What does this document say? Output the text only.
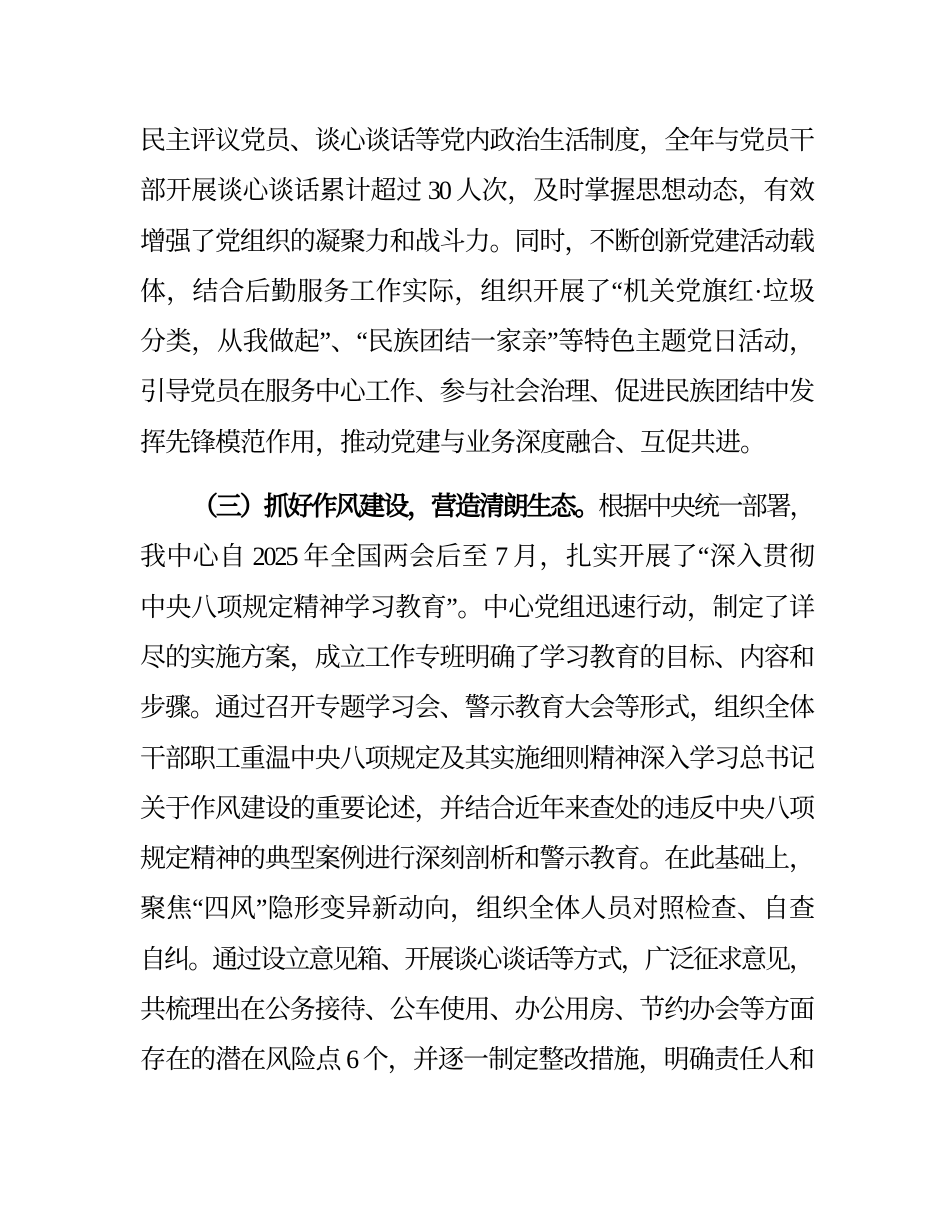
民主评议党员、谈心谈话等党内政治生活制度，全年与党员干
部开展谈心谈话累计超过 30 人次，及时掌握思想动态，有效
增强了党组织的凝聚力和战斗力。同时，不断创新党建活动载
体，结合后勤服务工作实际，组织开展了“机关党旗红·垃圾
分类，从我做起”、“民族团结一家亲”等特色主题党日活动，
引导党员在服务中心工作、参与社会治理、促进民族团结中发
挥先锋模范作用，推动党建与业务深度融合、互促共进。
（三）抓好作风建设，营造清朗生态。根据中央统一部署，
我中心自 2025 年全国两会后至 7 月，扎实开展了“深入贯彻
中央八项规定精神学习教育”。中心党组迅速行动，制定了详
尽的实施方案，成立工作专班明确了学习教育的目标、内容和
步骤。通过召开专题学习会、警示教育大会等形式，组织全体
干部职工重温中央八项规定及其实施细则精神深入学习总书记
关于作风建设的重要论述，并结合近年来查处的违反中央八项
规定精神的典型案例进行深刻剖析和警示教育。在此基础上，
聚焦“四风”隐形变异新动向，组织全体人员对照检查、自查
自纠。通过设立意见箱、开展谈心谈话等方式，广泛征求意见，
共梳理出在公务接待、公车使用、办公用房、节约办会等方面
存在的潜在风险点 6 个，并逐一制定整改措施，明确责任人和
